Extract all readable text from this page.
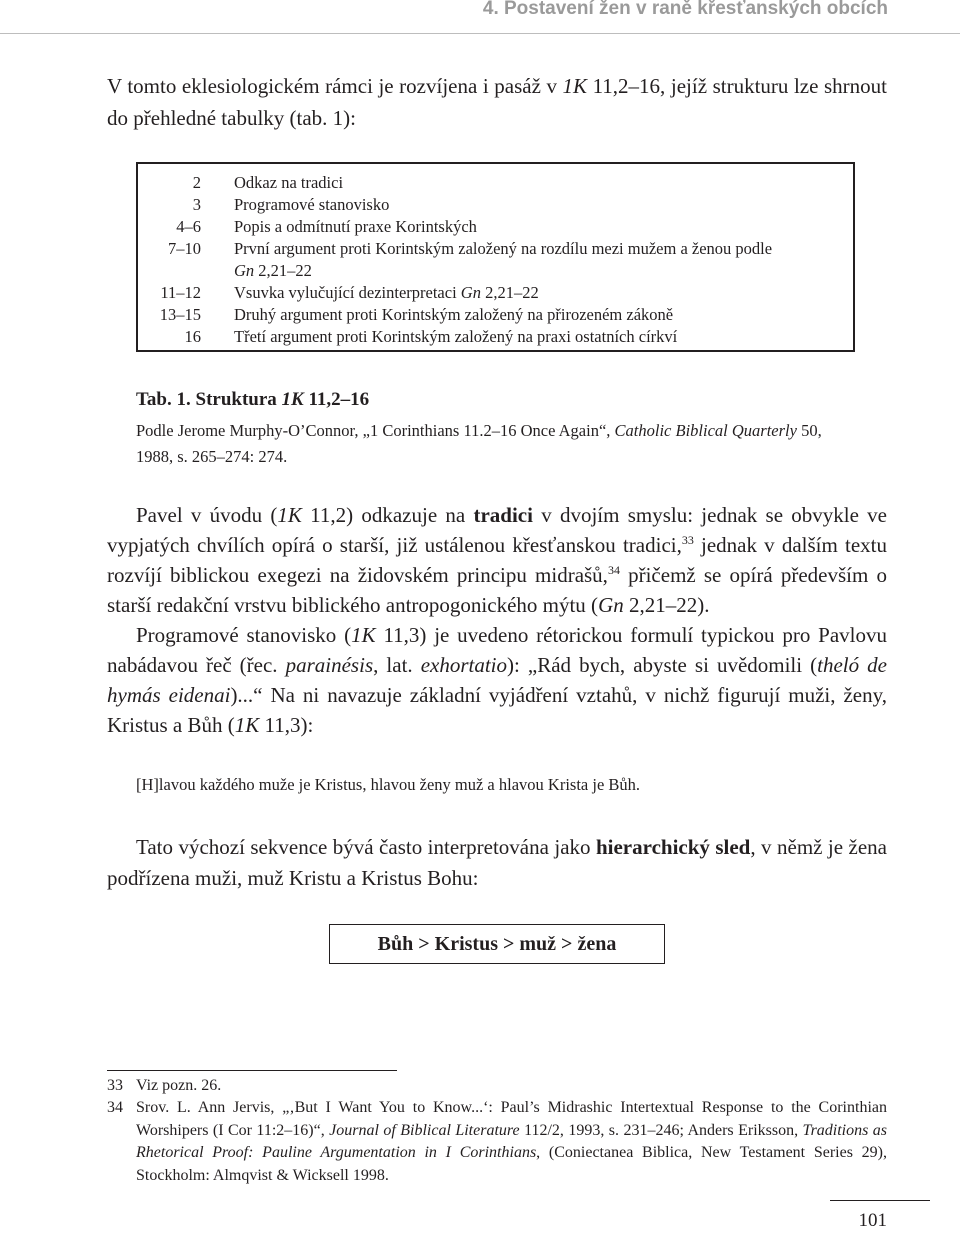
4. Postavení žen v raně křesťanských obcích
V tomto eklesiologickém rámci je rozvíjena i pasáž v 1K 11,2–16, jejíž strukturu lze shrnout do přehledné tabulky (tab. 1):
2 Odkaz na tradici
3 Programové stanovisko
4–6 Popis a odmítnutí praxe Korintských
7–10 První argument proti Korintským založený na rozdílu mezi mužem a ženou podle
Gn 2,21–22
11–12 Vsuvka vylučující dezinterpretaci Gn 2,21–22
13–15 Druhý argument proti Korintským založený na přirozeném zákoně
16 Třetí argument proti Korintským založený na praxi ostatních církví
Tab. 1. Struktura 1K 11,2–16
Podle Jerome Murphy-O’Connor, „1 Corinthians 11.2–16 Once Again“, Catholic Biblical Quarterly 50, 1988, s. 265–274: 274.
Pavel v úvodu (1K 11,2) odkazuje na tradici v dvojím smyslu: jednak se obvykle ve vypjatých chvílích opírá o starší, již ustálenou křesťanskou tradici,$^{33}$ jednak v dalším textu rozvíjí biblickou exegezi na židovském principu midrašů,$^{34}$ přičemž se opírá především o starší redakční vrstvu biblického antropogonického mýtu (Gn 2,21–22).
Programové stanovisko (1K 11,3) je uvedeno rétorickou formulí typickou pro Pavlovu nabádavou řeč (řec. parainésis, lat. exhortatio): „Rád bych, abyste si uvědomili (theló de hymás eidenai)...“ Na ni navazuje základní vyjádření vztahů, v nichž figurují muži, ženy, Kristus a Bůh (1K 11,3):
[H]lavou každého muže je Kristus, hlavou ženy muž a hlavou Krista je Bůh.
Tato výchozí sekvence bývá často interpretována jako hierarchický sled, v němž je žena podřízena muži, muž Kristu a Kristus Bohu:
Bůh > Kristus > muž > žena
33 Viz pozn. 26.
34 Srov. L. Ann Jervis, „‚But I Want You to Know...‘: Paul’s Midrashic Intertextual Response to the Corinthian Worshipers (I Cor 11:2–16)“, Journal of Biblical Literature 112/2, 1993, s. 231–246; Anders Eriksson, Traditions as Rhetorical Proof: Pauline Argumentation in I Corinthians, (Coniectanea Biblica, New Testament Series 29), Stockholm: Almqvist & Wicksell 1998.
101
